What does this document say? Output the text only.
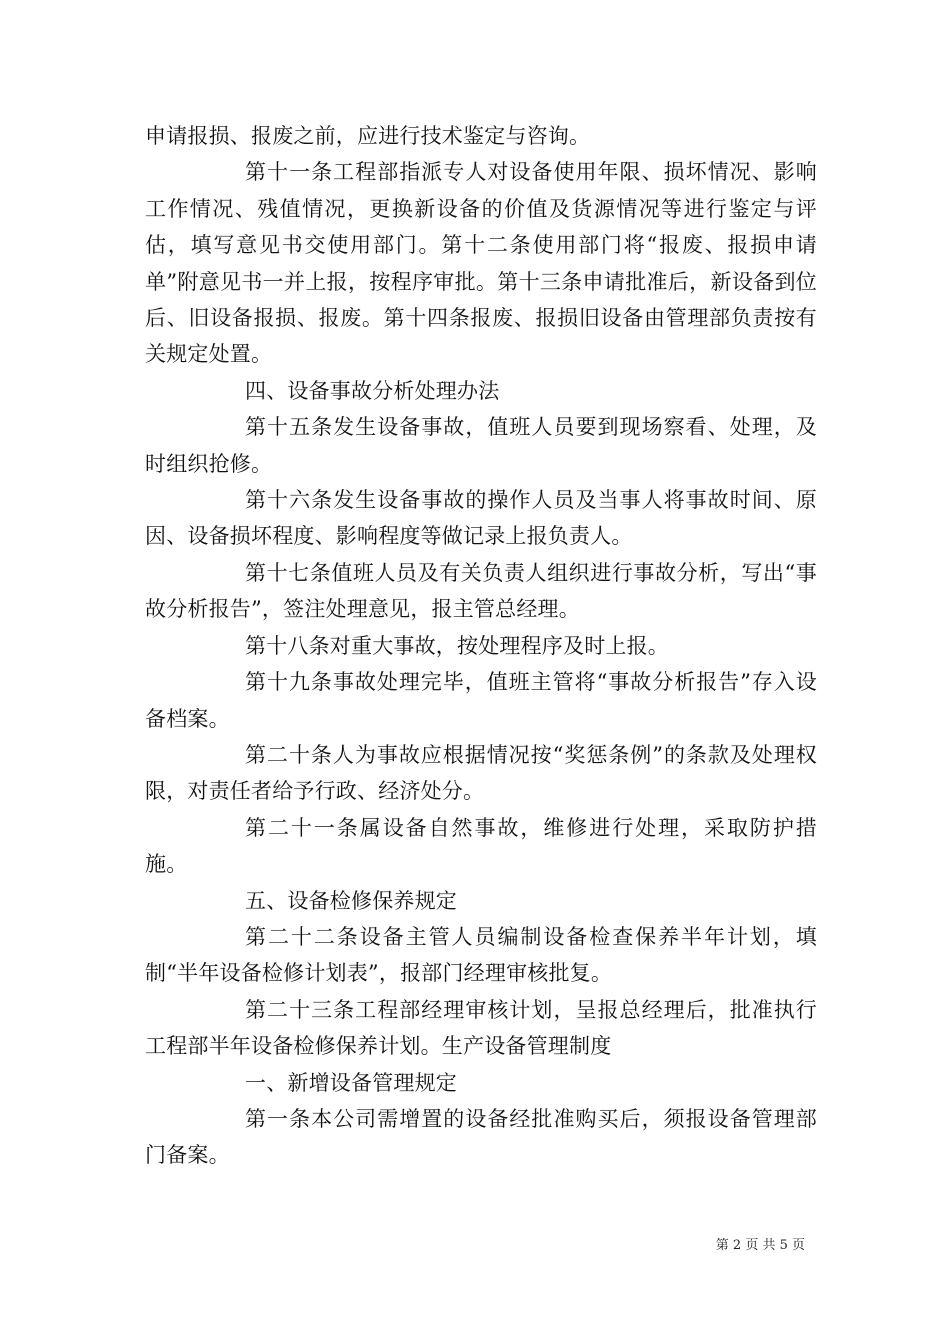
申请报损、报废之前，应进行技术鉴定与咨询。

第十一条工程部指派专人对设备使用年限、损坏情况、影响工作情况、残值情况，更换新设备的价值及货源情况等进行鉴定与评估，填写意见书交使用部门。第十二条使用部门将“报废、报损申请单”附意见书一并上报，按程序审批。第十三条申请批准后，新设备到位后、旧设备报损、报废。第十四条报废、报损旧设备由管理部负责按有关规定处置。

四、设备事故分析处理办法

第十五条发生设备事故，值班人员要到现场察看、处理，及时组织抢修。

第十六条发生设备事故的操作人员及当事人将事故时间、原因、设备损坏程度、影响程度等做记录上报负责人。

第十七条值班人员及有关负责人组织进行事故分析，写出“事故分析报告”，签注处理意见，报主管总经理。

第十八条对重大事故，按处理程序及时上报。

第十九条事故处理完毕，值班主管将“事故分析报告”存入设备档案。

第二十条人为事故应根据情况按“奖惩条例”的条款及处理权限，对责任者给予行政、经济处分。

第二十一条属设备自然事故，维修进行处理，采取防护措施。

五、设备检修保养规定

第二十二条设备主管人员编制设备检查保养半年计划，填制“半年设备检修计划表”，报部门经理审核批复。

第二十三条工程部经理审核计划，呈报总经理后，批准执行工程部半年设备检修保养计划。生产设备管理制度

一、新增设备管理规定

第一条本公司需增置的设备经批准购买后，须报设备管理部门备案。

第 2 页 共 5 页
